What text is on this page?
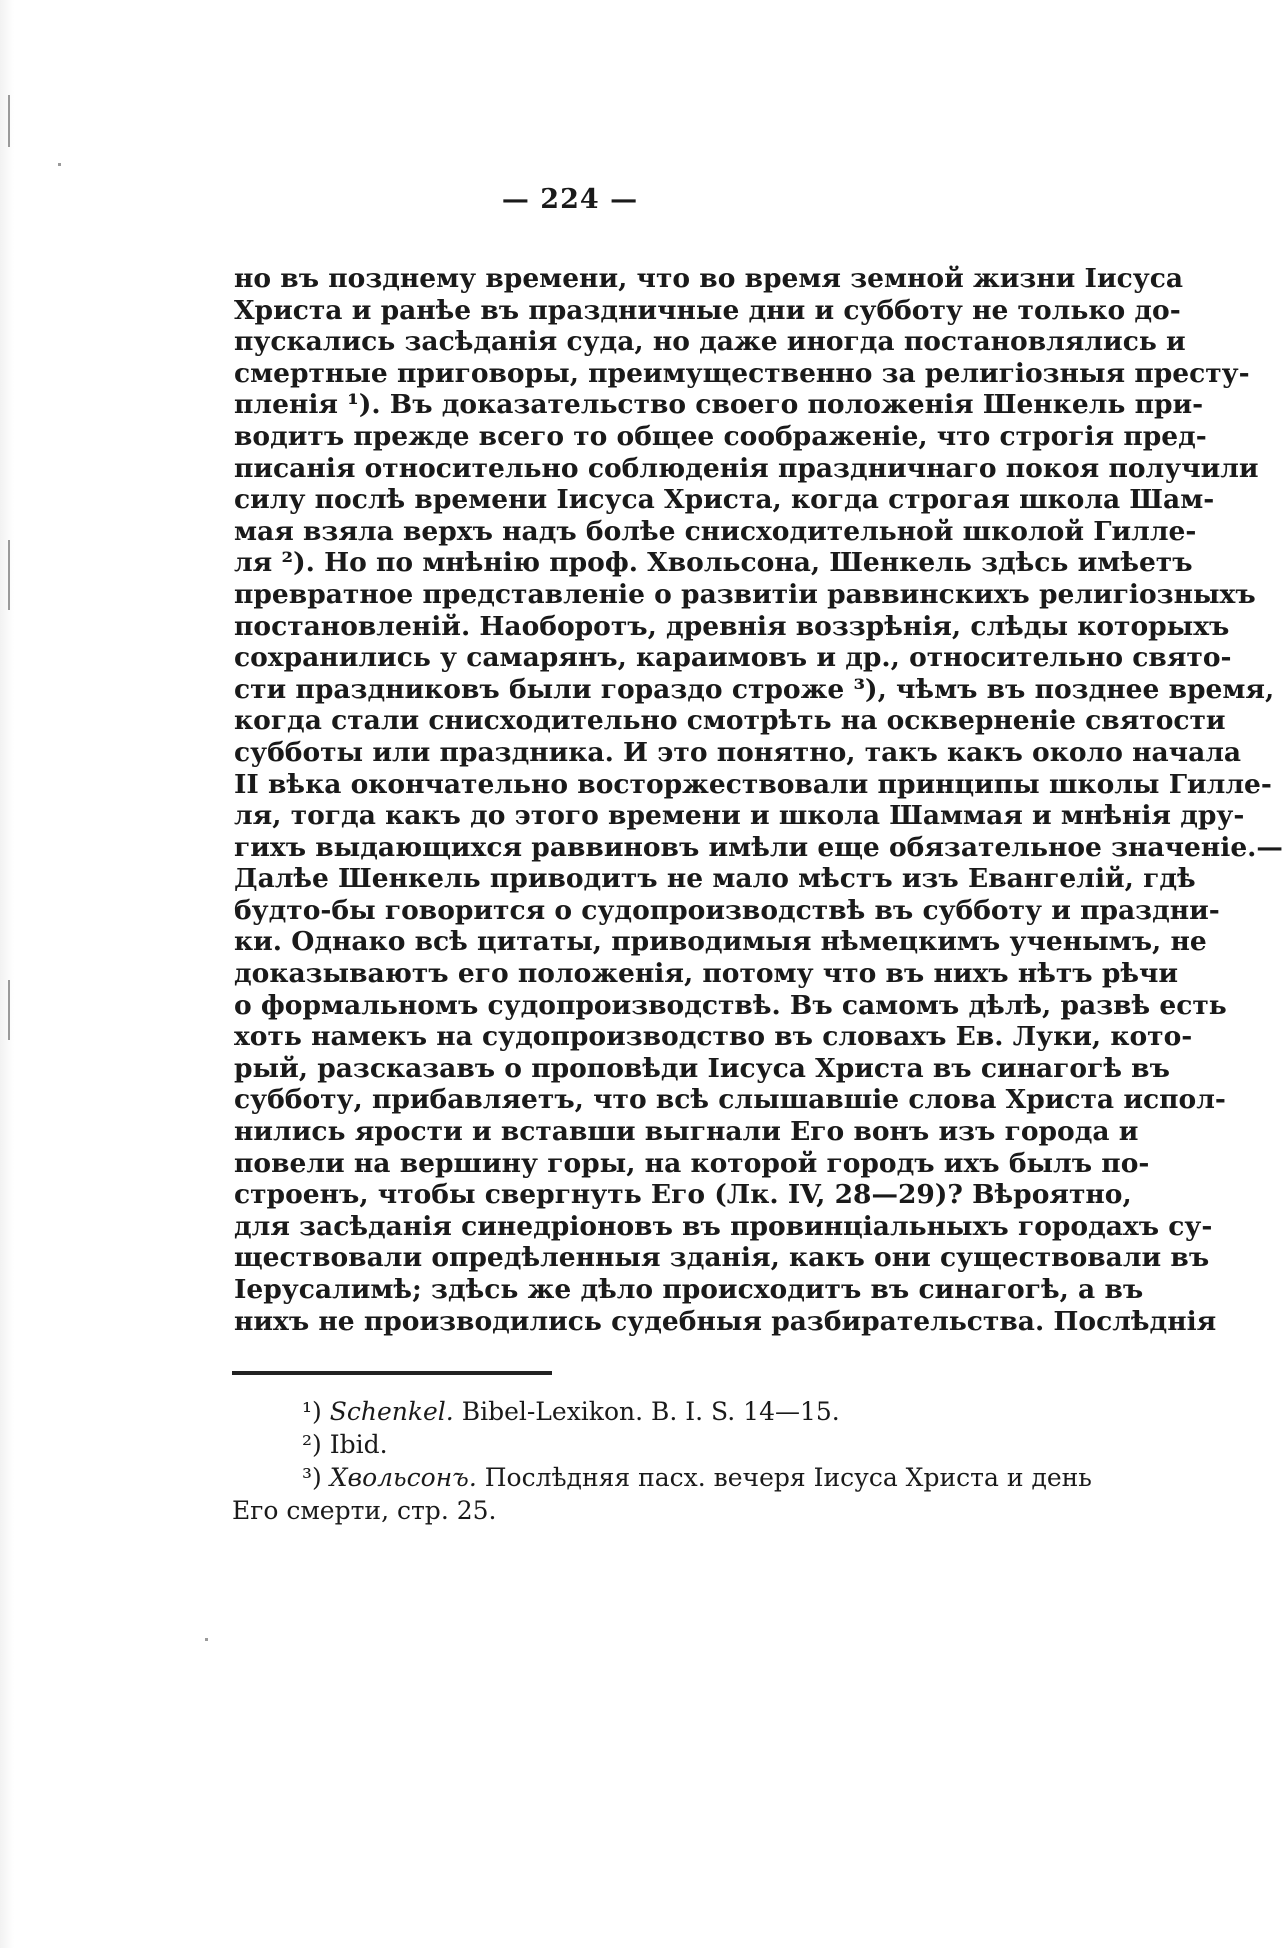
— 224 —
но въ позднему времени, что во время земной жизни Іисуса
Христа и ранѣе въ праздничные дни и субботу не только до-
пускались засѣданія суда, но даже иногда постановлялись и
смертные приговоры, преимущественно за религіозныя престу-
пленія ¹). Въ доказательство своего положенія Шенкель при-
водитъ прежде всего то общее соображеніе, что строгія пред-
писанія относительно соблюденія праздничнаго покоя получили
силу послѣ времени Іисуса Христа, когда строгая школа Шам-
мая взяла верхъ надъ болѣе снисходительной школой Гилле-
ля ²). Но по мнѣнію проф. Хвольсона, Шенкель здѣсь имѣетъ
превратное представленіе о развитіи раввинскихъ религіозныхъ
постановленій. Наоборотъ, древнія воззрѣнія, слѣды которыхъ
сохранились у самарянъ, караимовъ и др., относительно свято-
сти праздниковъ были гораздо строже ³), чѣмъ въ позднее время,
когда стали снисходительно смотрѣть на оскверненіе святости
субботы или праздника. И это понятно, такъ какъ около начала
II вѣка окончательно восторжествовали принципы школы Гилле-
ля, тогда какъ до этого времени и школа Шаммая и мнѣнія дру-
гихъ выдающихся раввиновъ имѣли еще обязательное значеніе.—
Далѣе Шенкель приводитъ не мало мѣстъ изъ Евангелій, гдѣ
будто-бы говорится о судопроизводствѣ въ субботу и праздни-
ки. Однако всѣ цитаты, приводимыя нѣмецкимъ ученымъ, не
доказываютъ его положенія, потому что въ нихъ нѣтъ рѣчи
о формальномъ судопроизводствѣ. Въ самомъ дѣлѣ, развѣ есть
хоть намекъ на судопроизводство въ словахъ Ев. Луки, кото-
рый, разсказавъ о проповѣди Іисуса Христа въ синагогѣ въ
субботу, прибавляетъ, что всѣ слышавшіе слова Христа испол-
нились ярости и вставши выгнали Его вонъ изъ города и
повели на вершину горы, на которой городъ ихъ былъ по-
строенъ, чтобы свергнуть Его (Лк. IV, 28—29)? Вѣроятно,
для засѣданія синедріоновъ въ провинціальныхъ городахъ су-
ществовали опредѣленныя зданія, какъ они существовали въ
Іерусалимѣ; здѣсь же дѣло происходитъ въ синагогѣ, а въ
нихъ не производились судебныя разбирательства. Послѣднія
¹) Schenkel. Bibel-Lexikon. B. I. S. 14—15.
²) Ibid.
³) Хвольсонъ. Послѣдняя пасх. вечеря Іисуса Христа и день
Его смерти, стр. 25.
